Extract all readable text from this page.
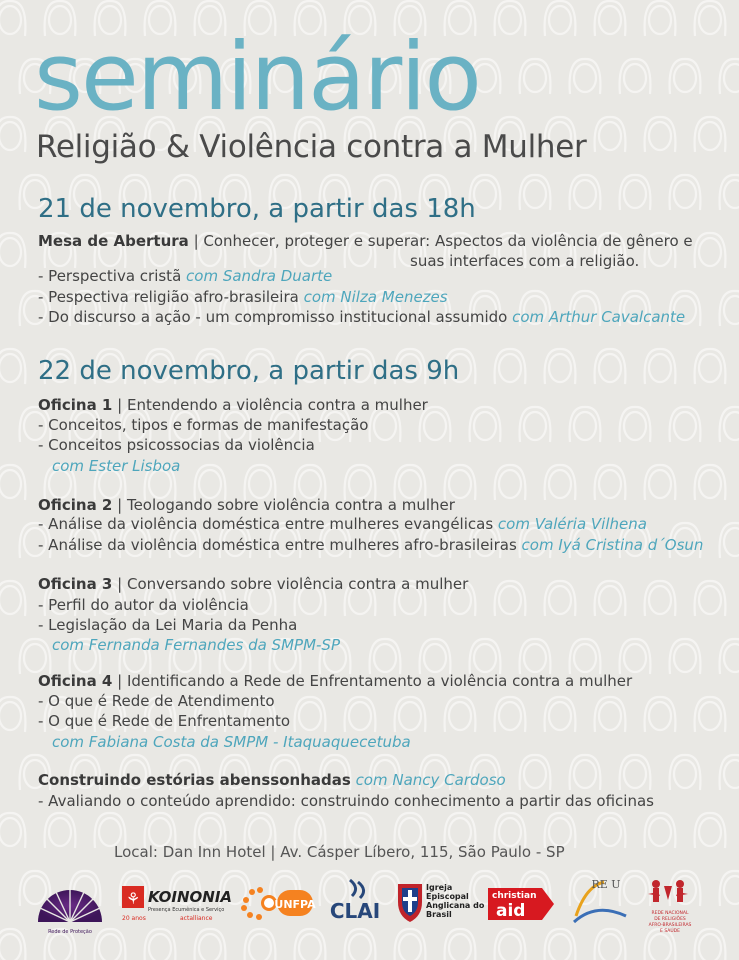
seminário
Religião & Violência contra a Mulher
21 de novembro, a partir das 18h
Mesa de Abertura | Conhecer, proteger e superar: Aspectos da violência de gênero e
suas interfaces com a religião.
- Perspectiva cristã com Sandra Duarte
- Pespectiva religião afro-brasileira com Nilza Menezes
- Do discurso a ação - um compromisso institucional assumido com Arthur Cavalcante
22 de novembro, a partir das 9h
Oficina 1 | Entendendo a violência contra a mulher
- Conceitos, tipos e formas de manifestação
- Conceitos psicossocias da violência
com Ester Lisboa
Oficina 2 | Teologando sobre violência contra a mulher
- Análise da violência doméstica entre mulheres evangélicas com Valéria Vilhena
- Análise da violência doméstica entre mulheres afro-brasileiras com Iyá Cristina d´Osun
Oficina 3 | Conversando sobre violência contra a mulher
- Perfil do autor da violência
- Legislação da Lei Maria da Penha
com Fernanda Fernandes da SMPM-SP
Oficina 4 | Identificando a Rede de Enfrentamento a violência contra a mulher
- O que é Rede de Atendimento
- O que é Rede de Enfrentamento
com Fabiana Costa da SMPM - Itaquaquecetuba
Construindo estórias abenssonhadas com Nancy Cardoso
- Avaliando o conteúdo aprendido: construindo conhecimento a partir das oficinas
Local: Dan Inn Hotel | Av. Cásper Líbero, 115, São Paulo - SP
Rede de Proteção
⚘ KOINONIA
Presença Ecumênica e Serviço
20 anos	actalliance
UNFPA CLAI
Igreja
Episcopal
Anglicana do
Brasil
christian
aid
RE U
REDE NACIONAL
DE RELIGIÕES
AFRO-BRASILEIRAS
E SAÚDE
